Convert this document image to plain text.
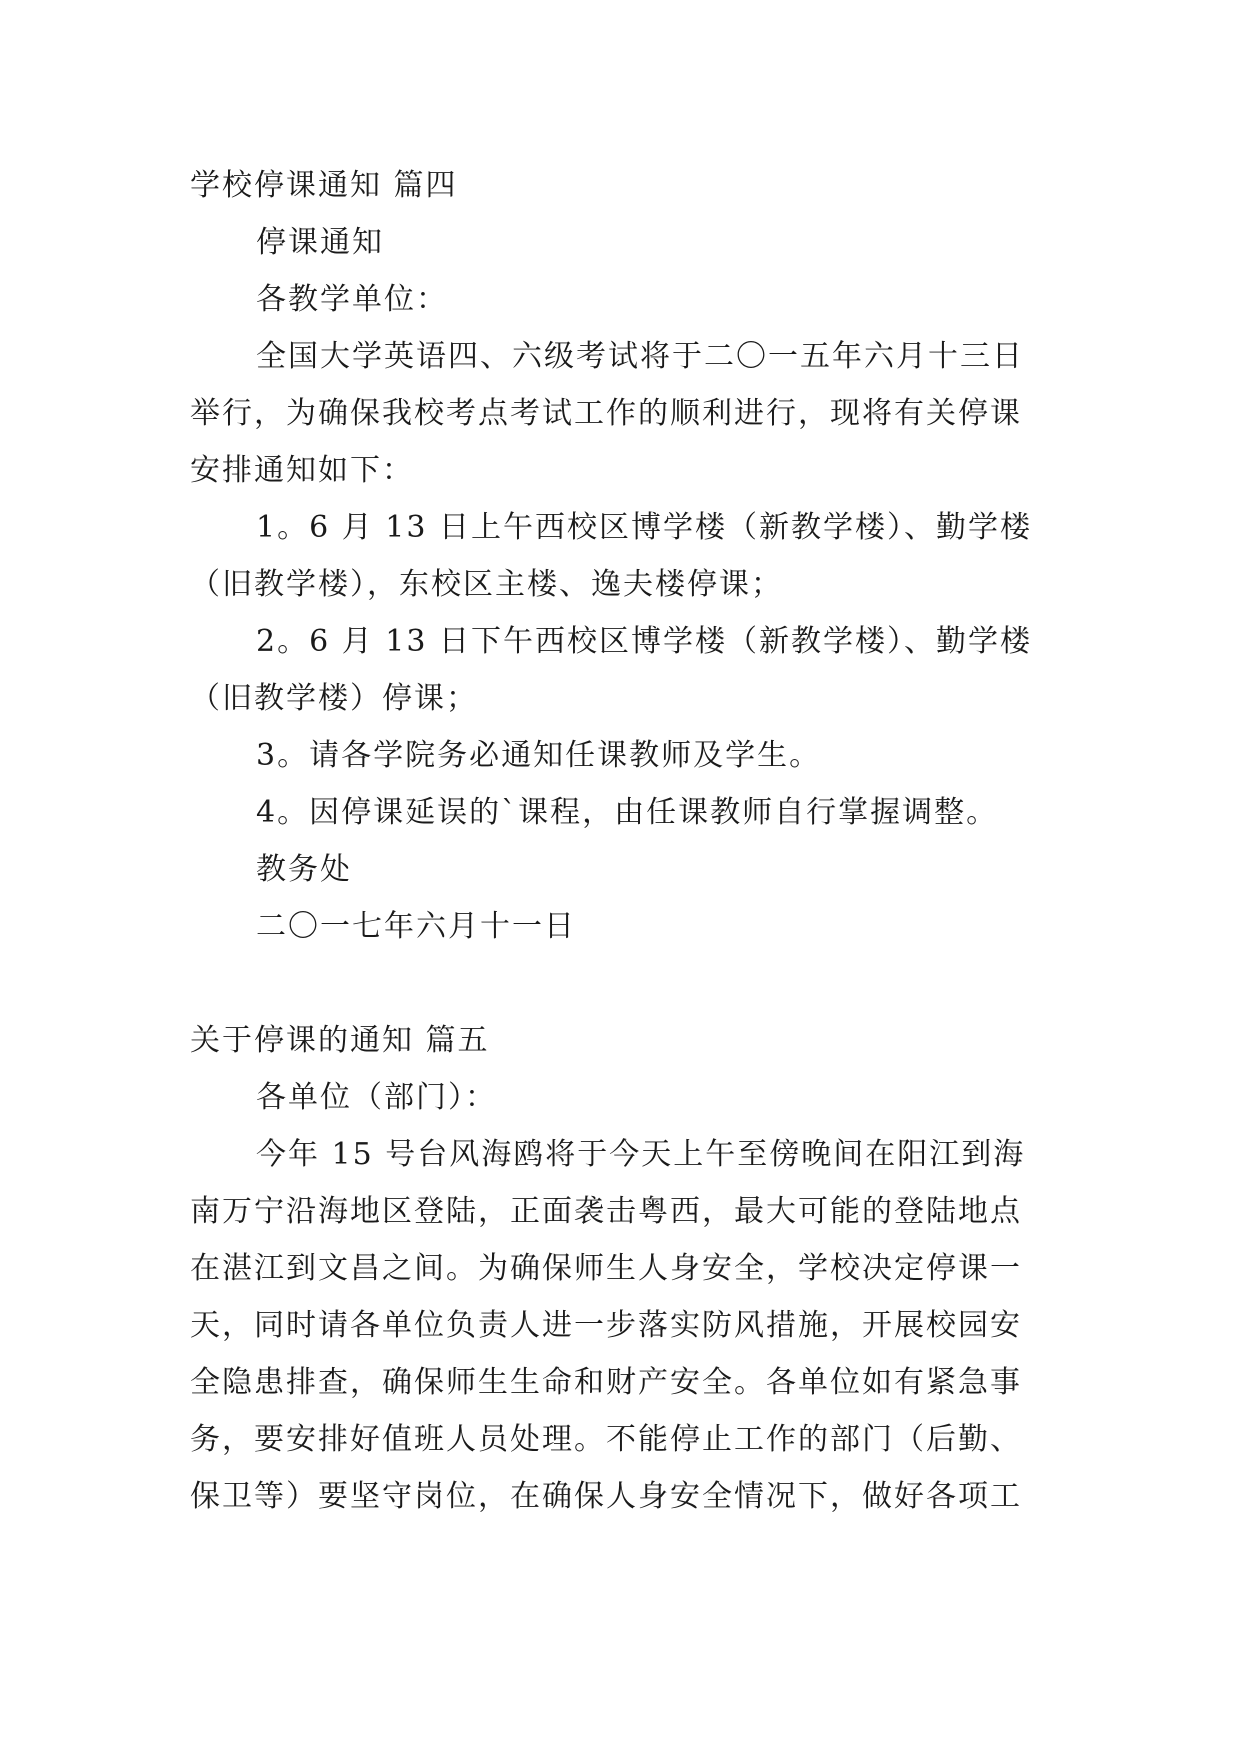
学校停课通知 篇四
停课通知
各教学单位：
全国大学英语四、六级考试将于二〇一五年六月十三日
举行，为确保我校考点考试工作的顺利进行，现将有关停课
安排通知如下：
1。6 月 13 日上午西校区博学楼（新教学楼）、勤学楼
（旧教学楼），东校区主楼、逸夫楼停课；
2。6 月 13 日下午西校区博学楼（新教学楼）、勤学楼
（旧教学楼）停课；
3。请各学院务必通知任课教师及学生。
4。因停课延误的`课程，由任课教师自行掌握调整。
教务处
二〇一七年六月十一日
关于停课的通知 篇五
各单位（部门）：
今年 15 号台风海鸥将于今天上午至傍晚间在阳江到海
南万宁沿海地区登陆，正面袭击粤西，最大可能的登陆地点
在湛江到文昌之间。为确保师生人身安全，学校决定停课一
天，同时请各单位负责人进一步落实防风措施，开展校园安
全隐患排查，确保师生生命和财产安全。各单位如有紧急事
务，要安排好值班人员处理。不能停止工作的部门（后勤、
保卫等）要坚守岗位，在确保人身安全情况下，做好各项工
